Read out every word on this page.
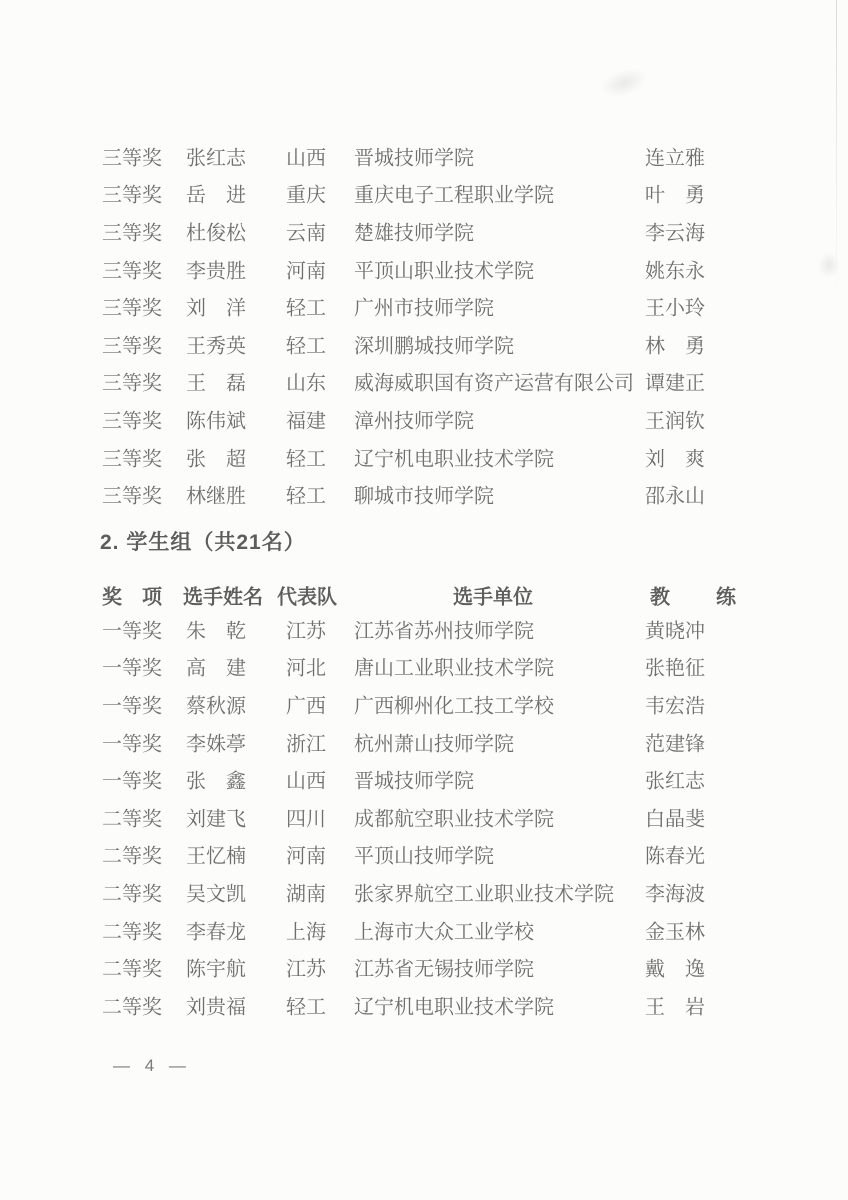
三等奖 张红志 山西 晋城技师学院	连立雅
三等奖 岳　进 重庆 重庆电子工程职业学院	叶　勇
三等奖 杜俊松 云南 楚雄技师学院	李云海
三等奖 李贵胜 河南 平顶山职业技术学院	姚东永
三等奖 刘　洋 轻工 广州市技师学院	王小玲
三等奖 王秀英 轻工 深圳鹏城技师学院	林　勇
三等奖 王　磊 山东 威海威职国有资产运营有限公司 谭建正
三等奖 陈伟斌 福建 漳州技师学院	王润钦
三等奖 张　超 轻工 辽宁机电职业技术学院	刘　爽
三等奖 林继胜 轻工 聊城市技师学院	邵永山
2. 学生组（共21名）
奖　项 选手姓名 代表队	选手单位	教　练
一等奖 朱　乾 江苏 江苏省苏州技师学院	黄晓冲
一等奖 高　建 河北 唐山工业职业技术学院	张艳征
一等奖 蔡秋源 广西 广西柳州化工技工学校	韦宏浩
一等奖 李姝葶 浙江 杭州萧山技师学院	范建锋
一等奖 张　鑫 山西 晋城技师学院	张红志
二等奖 刘建飞 四川 成都航空职业技术学院	白晶斐
二等奖 王忆楠 河南 平顶山技师学院	陈春光
二等奖 吴文凯 湖南 张家界航空工业职业技术学院 李海波
二等奖 李春龙 上海 上海市大众工业学校	金玉林
二等奖 陈宇航 江苏 江苏省无锡技师学院	戴　逸
二等奖 刘贵福 轻工 辽宁机电职业技术学院	王　岩
— 4 —
